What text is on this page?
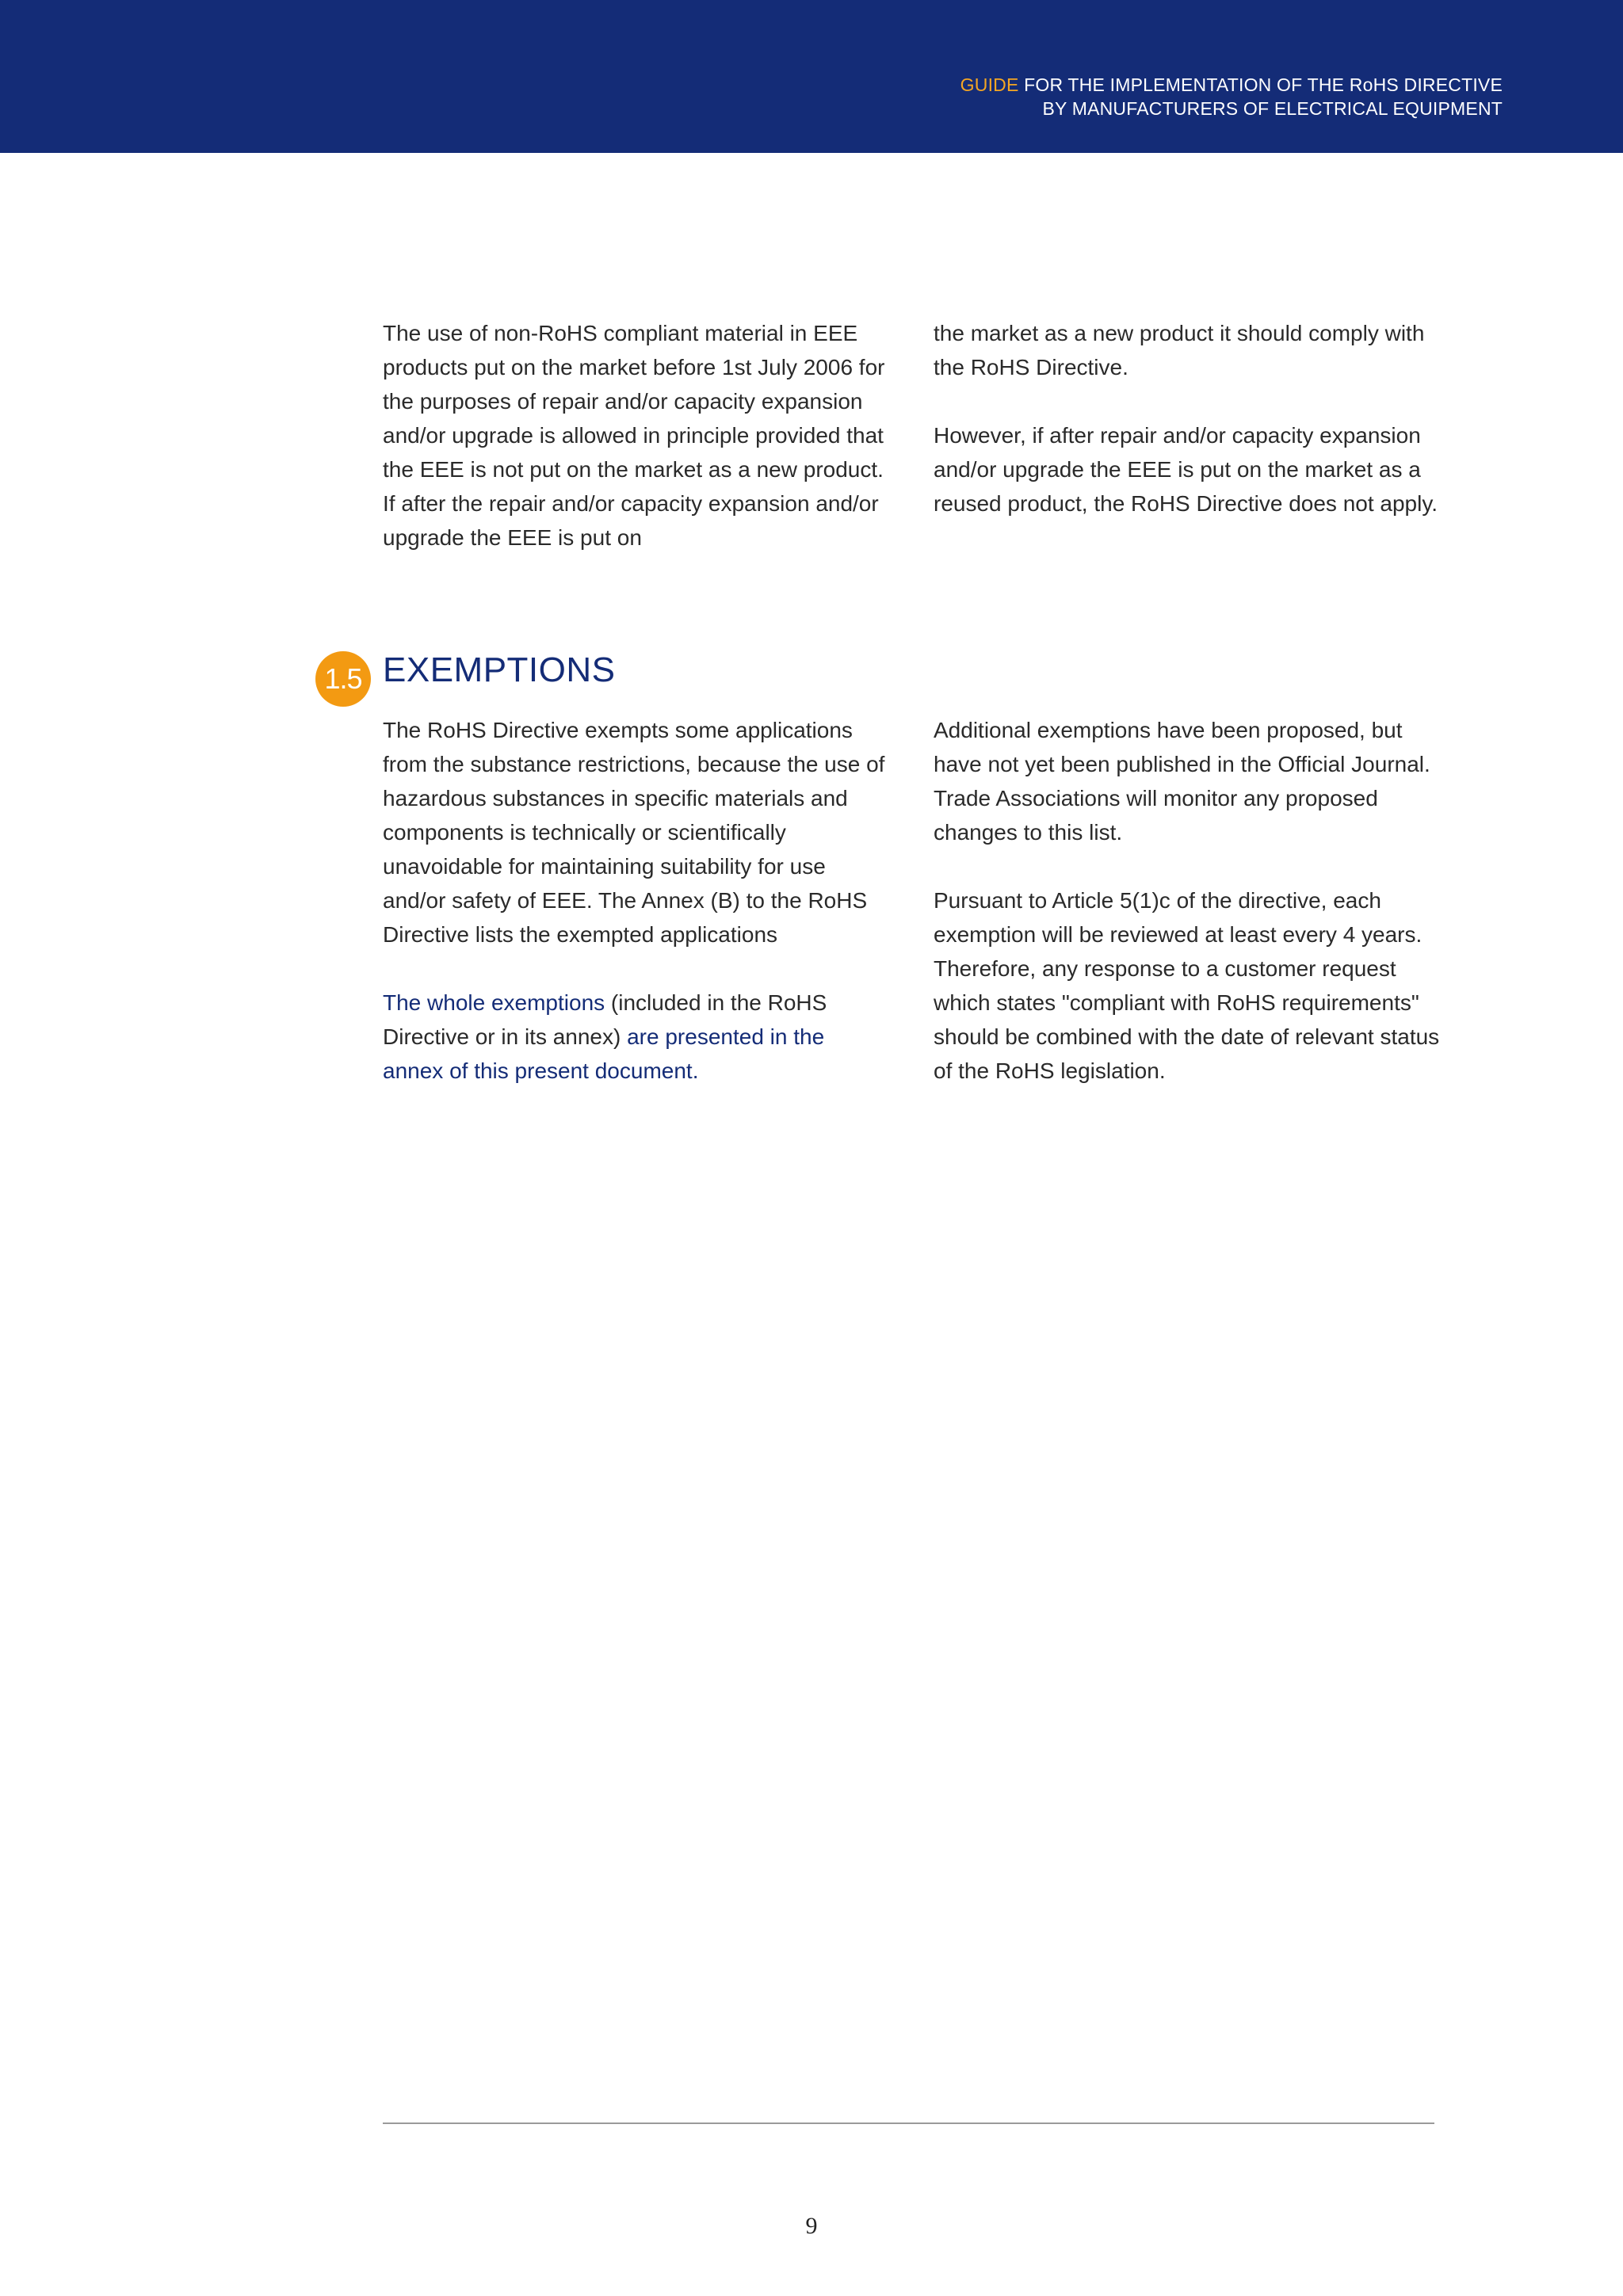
GUIDE FOR THE IMPLEMENTATION OF THE RoHS DIRECTIVE
BY MANUFACTURERS OF ELECTRICAL EQUIPMENT

The use of non-RoHS compliant material in EEE products put on the market before 1st July 2006 for the purposes of repair and/or capacity expansion and/or upgrade is allowed in principle provided that the EEE is not put on the market as a new product. If after the repair and/or capacity expansion and/or upgrade the EEE is put on

the market as a new product it should comply with the RoHS Directive.

However, if after repair and/or capacity expansion and/or upgrade the EEE is put on the market as a reused product, the RoHS Directive does not apply.

1.5 EXEMPTIONS

The RoHS Directive exempts some applications from the substance restrictions, because the use of hazardous substances in specific materials and components is technically or scientifically unavoidable for maintaining suitability for use and/or safety of EEE. The Annex (B) to the RoHS Directive lists the exempted applications

The whole exemptions (included in the RoHS Directive or in its annex) are presented in the annex of this present document.

Additional exemptions have been proposed, but have not yet been published in the Official Journal. Trade Associations will monitor any proposed changes to this list.

Pursuant to Article 5(1)c of the directive, each exemption will be reviewed at least every 4 years. Therefore, any response to a customer request which states "compliant with RoHS requirements" should be combined with the date of relevant status of the RoHS legislation.

9
